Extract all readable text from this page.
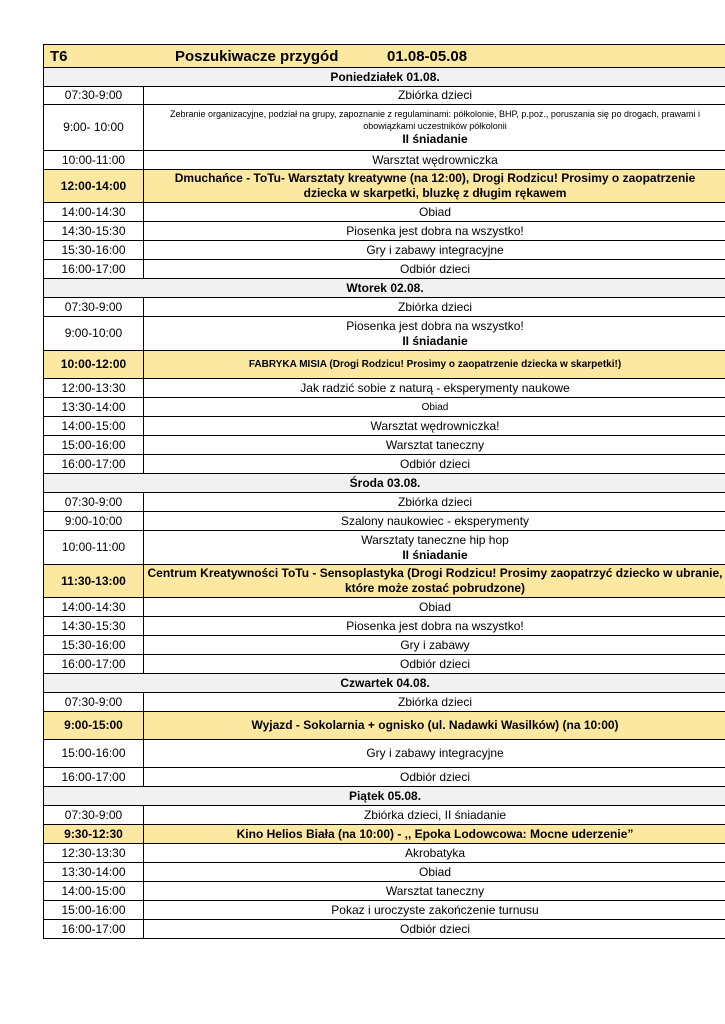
T6 Poszukiwacze przygód 01.08-05.08	
Poniedziałek 01.08.	
07:30-9:00	Zbiórka dzieci
9:00- 10:00	Zebranie organizacyjne, podział na grupy, zapoznanie z regulaminami: półkolonie, BHP, p.poż., poruszania się po drogach, prawami i obowiązkami uczestników półkolonii
II śniadanie

10:00-11:00	Warsztat wędrowniczka
12:00-14:00	Dmuchańce - ToTu- Warsztaty kreatywne (na 12:00), Drogi Rodzicu! Prosimy o zaopatrzenie dziecka w skarpetki, bluzkę z długim rękawem
14:00-14:30	Obiad
14:30-15:30	Piosenka jest dobra na wszystko!
15:30-16:00	Gry i zabawy integracyjne
16:00-17:00	Odbiór dzieci
Wtorek 02.08.	
07:30-9:00	Zbiórka dzieci
9:00-10:00	Piosenka jest dobra na wszystko!
II śniadanie

10:00-12:00	FABRYKA MISIA (Drogi Rodzicu! Prosimy o zaopatrzenie dziecka w skarpetki!)
12:00-13:30	Jak radzić sobie z naturą - eksperymenty naukowe
13:30-14:00	Obiad
14:00-15:00	Warsztat wędrowniczka!
15:00-16:00	Warsztat taneczny
16:00-17:00	Odbiór dzieci
Środa 03.08.	
07:30-9:00	Zbiórka dzieci
9:00-10:00	Szalony naukowiec - eksperymenty
10:00-11:00	Warsztaty taneczne hip hop
II śniadanie

11:30-13:00	Centrum Kreatywności ToTu - Sensoplastyka (Drogi Rodzicu! Prosimy zaopatrzyć dziecko w ubranie, które może zostać pobrudzone)
14:00-14:30	Obiad
14:30-15:30	Piosenka jest dobra na wszystko!
15:30-16:00	Gry i zabawy
16:00-17:00	Odbiór dzieci
Czwartek 04.08.	
07:30-9:00	Zbiórka dzieci
9:00-15:00	Wyjazd - Sokolarnia + ognisko (ul. Nadawki Wasilków) (na 10:00)
15:00-16:00	Gry i zabawy integracyjne
16:00-17:00	Odbiór dzieci
Piątek 05.08.	
07:30-9:00	Zbiórka dzieci, II śniadanie
9:30-12:30	Kino Helios Biała (na 10:00) - ,, Epoka Lodowcowa: Mocne uderzenie”
12:30-13:30	Akrobatyka
13:30-14:00	Obiad
14:00-15:00	Warsztat taneczny
15:00-16:00	Pokaz i uroczyste zakończenie turnusu
16:00-17:00	Odbiór dzieci
